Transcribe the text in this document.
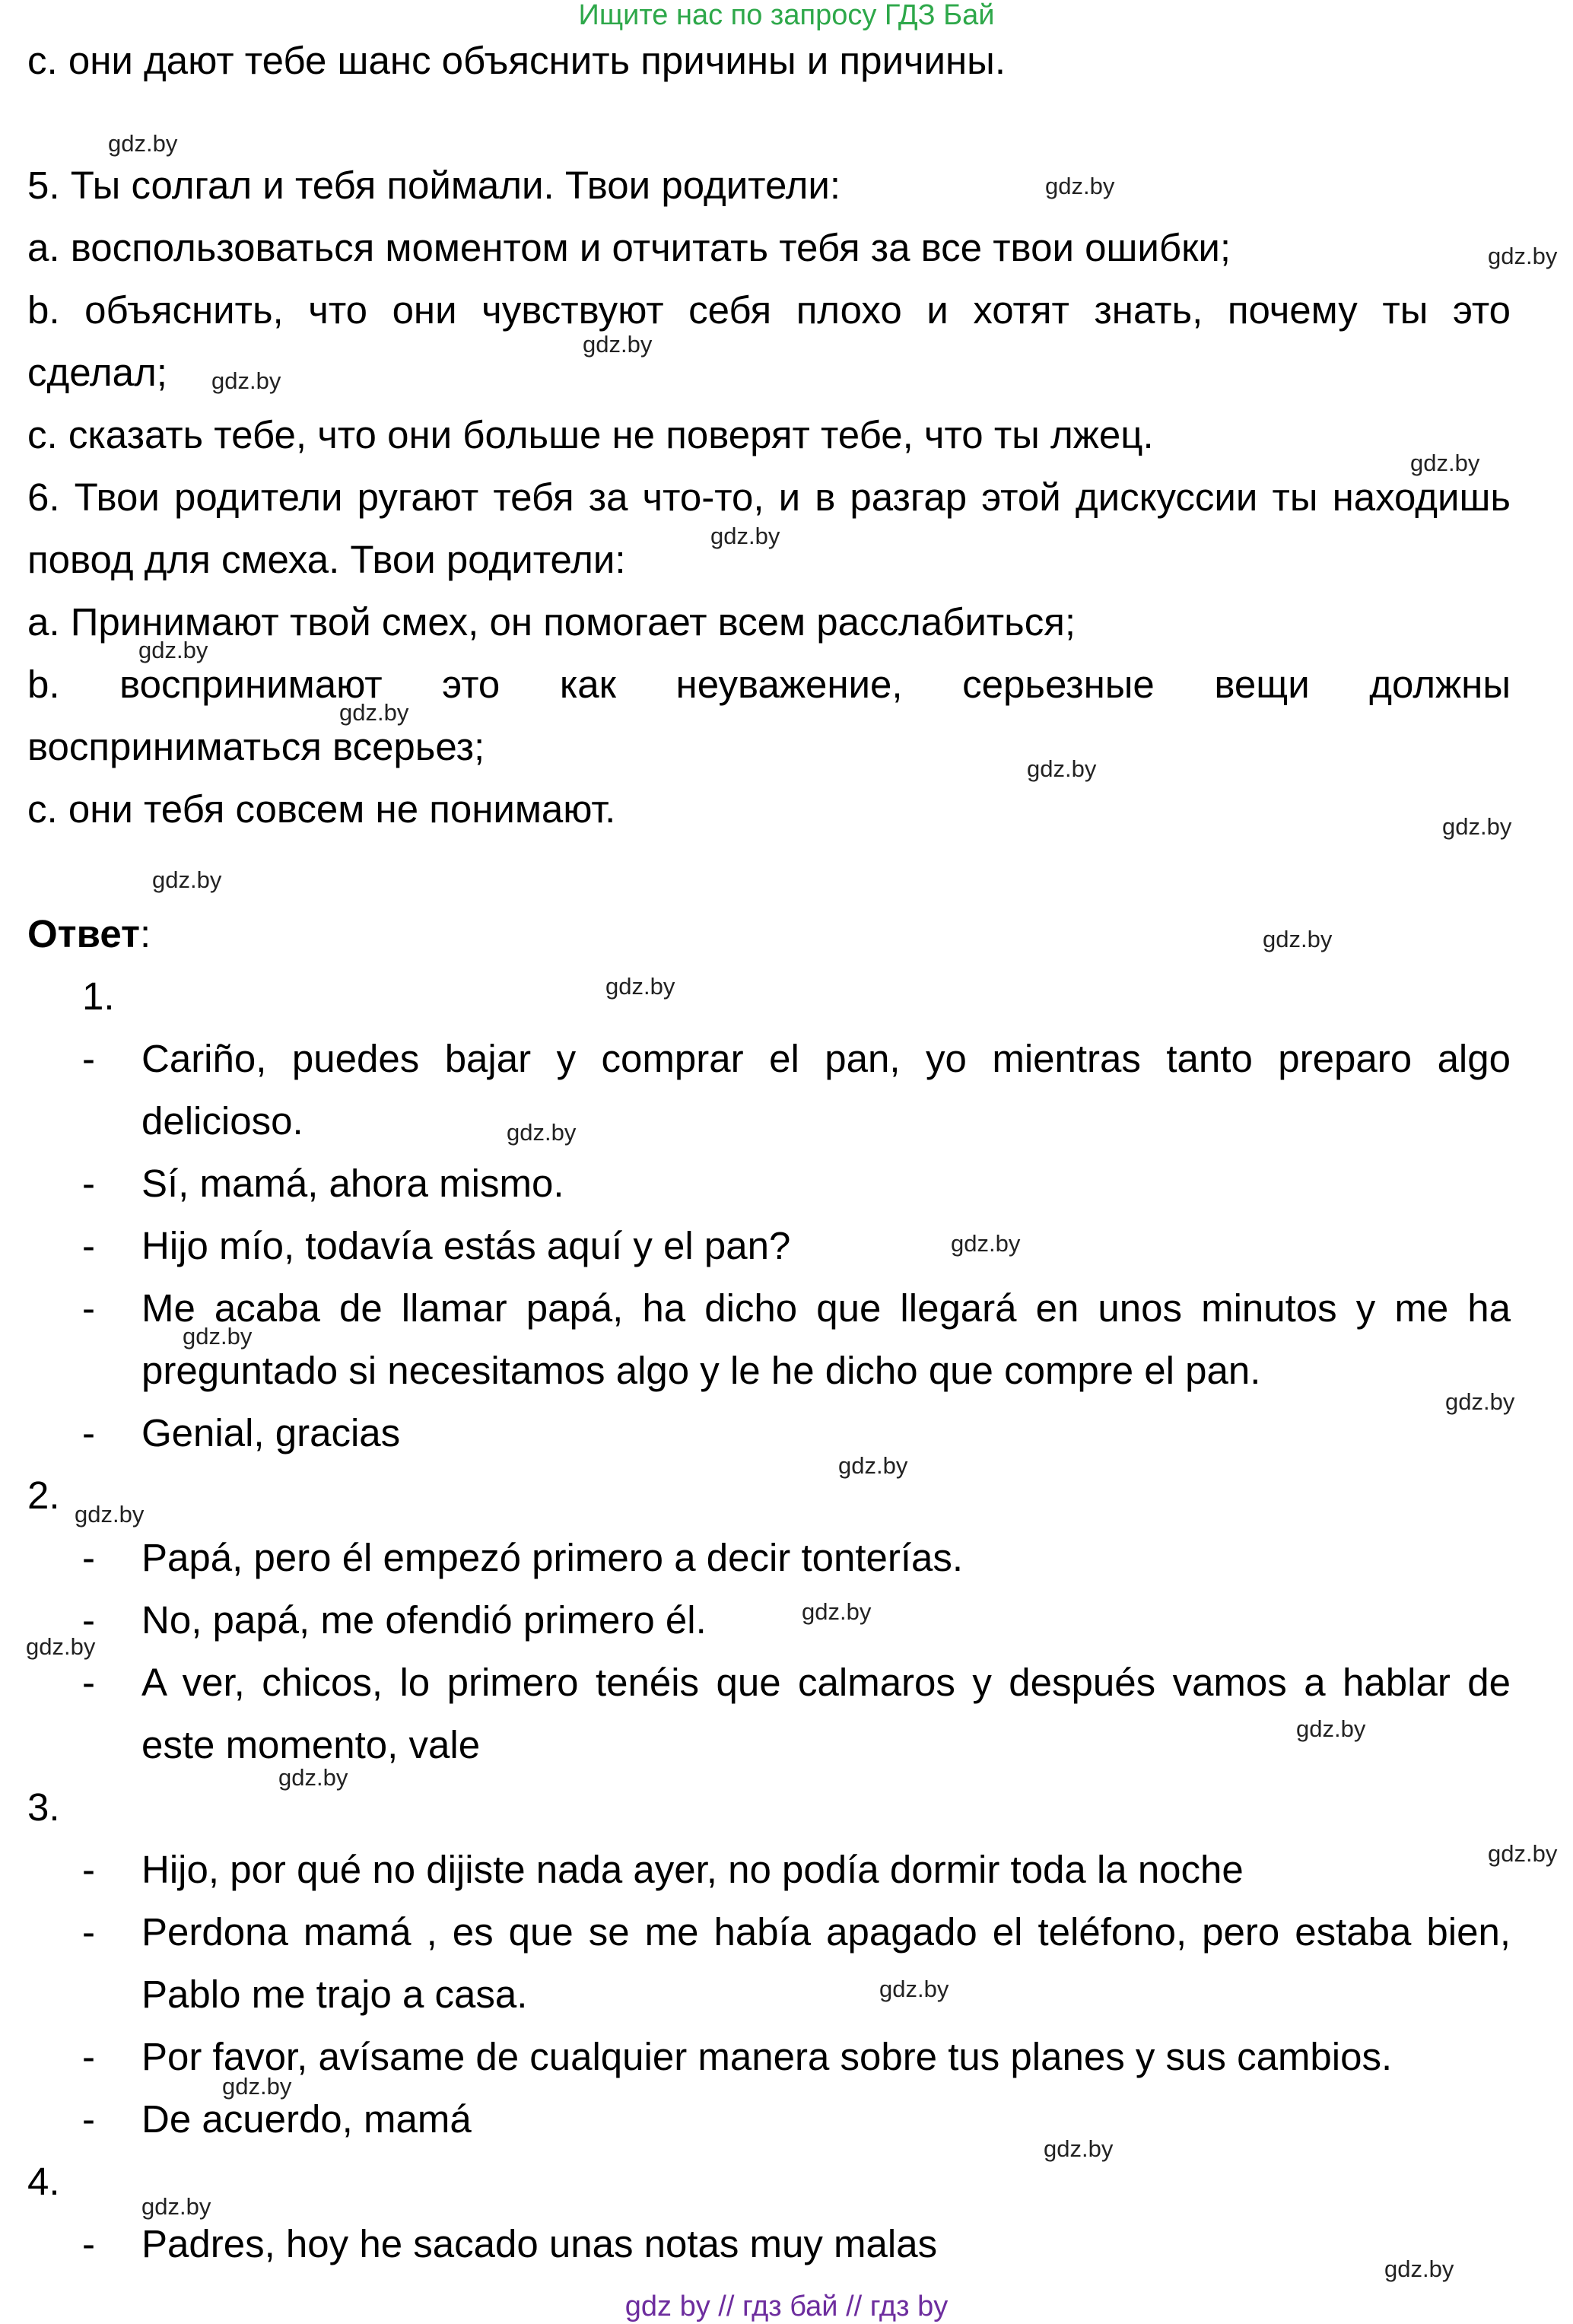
Ищите нас по запросу ГДЗ Бай
c. они дают тебе шанс объяснить причины и причины.
5. Ты солгал и тебя поймали. Твои родители:
a. воспользоваться моментом и отчитать тебя за все твои ошибки;
b. объяснить, что они чувствуют себя плохо и хотят знать, почему ты это
сделал;
c. сказать тебе, что они больше не поверят тебе, что ты лжец.
6. Твои родители ругают тебя за что-то, и в разгар этой дискуссии ты находишь
повод для смеха. Твои родители:
a. Принимают твой смех, он помогает всем расслабиться;
b. воспринимают это как неуважение, серьезные вещи должны
восприниматься всерьез;
c. они тебя совсем не понимают.
Ответ:
1.
- Cariño, puedes bajar y comprar el pan, yo mientras tanto preparo algo
delicioso.
- Sí, mamá, ahora mismo.
- Hijo mío, todavía estás aquí y el pan?
- Me acaba de llamar papá, ha dicho que llegará en unos minutos y me ha
preguntado si necesitamos algo y le he dicho que compre el pan.
- Genial, gracias
2.
- Papá, pero él empezó primero a decir tonterías.
- No, papá, me ofendió primero él.
- A ver, chicos, lo primero tenéis que calmaros y después vamos a hablar de
este momento, vale
3.
- Hijo, por qué no dijiste nada ayer, no podía dormir toda la noche
- Perdona mamá , es que se me había apagado el teléfono, pero estaba bien,
Pablo me trajo a casa.
- Por favor, avísame de cualquier manera sobre tus planes y sus cambios.
- De acuerdo, mamá
4.
- Padres, hoy he sacado unas notas muy malas
gdz.by
gdz.by
gdz.by
gdz.by
gdz.by
gdz.by
gdz.by
gdz.by
gdz.by
gdz.by
gdz.by
gdz.by
gdz.by
gdz.by
gdz.by
gdz.by
gdz.by
gdz.by
gdz.by
gdz.by
gdz.by
gdz.by
gdz.by
gdz.by
gdz.by
gdz.by
gdz.by
gdz.by
gdz.by
gdz.by
gdz by // гдз бай // гдз by
